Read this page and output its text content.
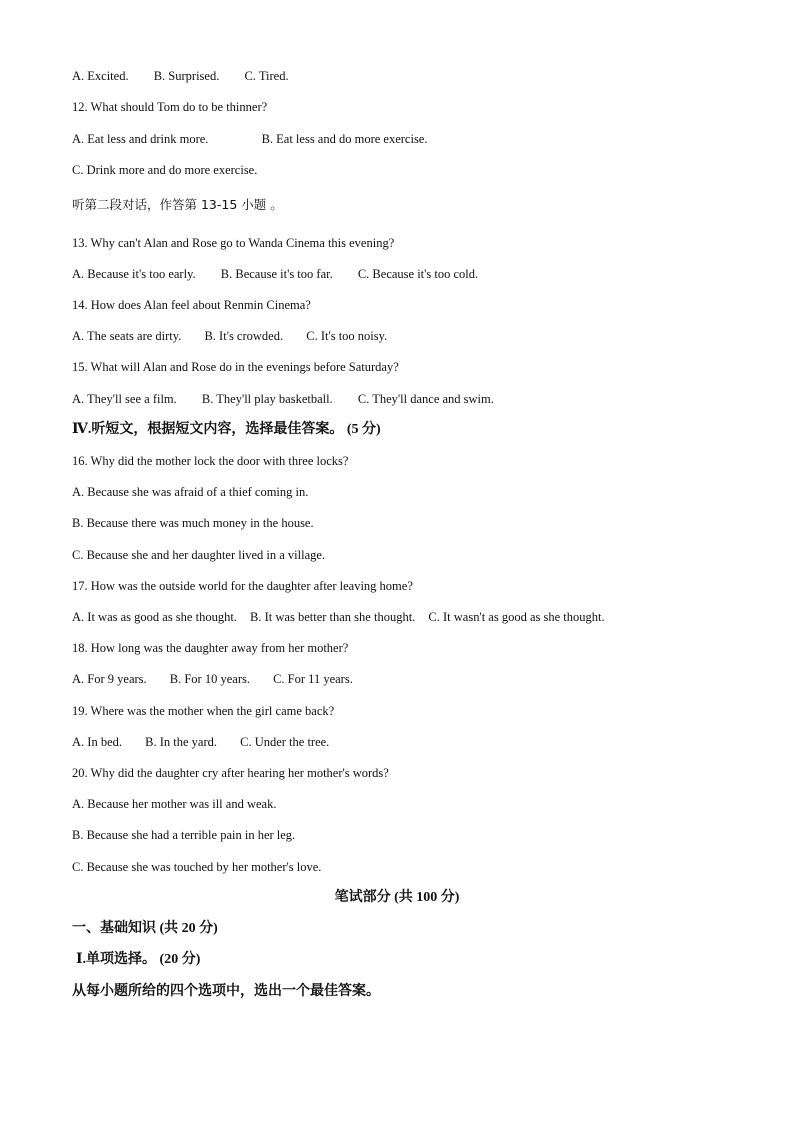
A. Excited. B. Surprised. C. Tired.
12. What should Tom do to be thinner?
A. Eat less and drink more.	B. Eat less and do more exercise.
C. Drink more and do more exercise.
听第二段对话，作答第 13-15 小题 。
13. Why can't Alan and Rose go to Wanda Cinema this evening?
A. Because it's too early. B. Because it's too far. C. Because it's too cold.
14. How does Alan feel about Renmin Cinema?
A. The seats are dirty. B. It's crowded. C. It's too noisy.
15. What will Alan and Rose do in the evenings before Saturday?
A. They'll see a film. B. They'll play basketball. C. They'll dance and swim.
Ⅳ.听短文，根据短文内容，选择最佳答案。 (5 分)
16. Why did the mother lock the door with three locks?
A. Because she was afraid of a thief coming in.
B. Because there was much money in the house.
C. Because she and her daughter lived in a village.
17. How was the outside world for the daughter after leaving home?
A. It was as good as she thought. B. It was better than she thought. C. It wasn't as good as she thought.
18. How long was the daughter away from her mother?
A. For 9 years. B. For 10 years. C. For 11 years.
19. Where was the mother when the girl came back?
A. In bed. B. In the yard. C. Under the tree.
20. Why did the daughter cry after hearing her mother's words?
A. Because her mother was ill and weak.
B. Because she had a terrible pain in her leg.
C. Because she was touched by her mother's love.
笔试部分 (共 100 分)
一、基础知识 (共 20 分)
Ⅰ.单项选择。 (20 分)
从每小题所给的四个选项中，选出一个最佳答案。
